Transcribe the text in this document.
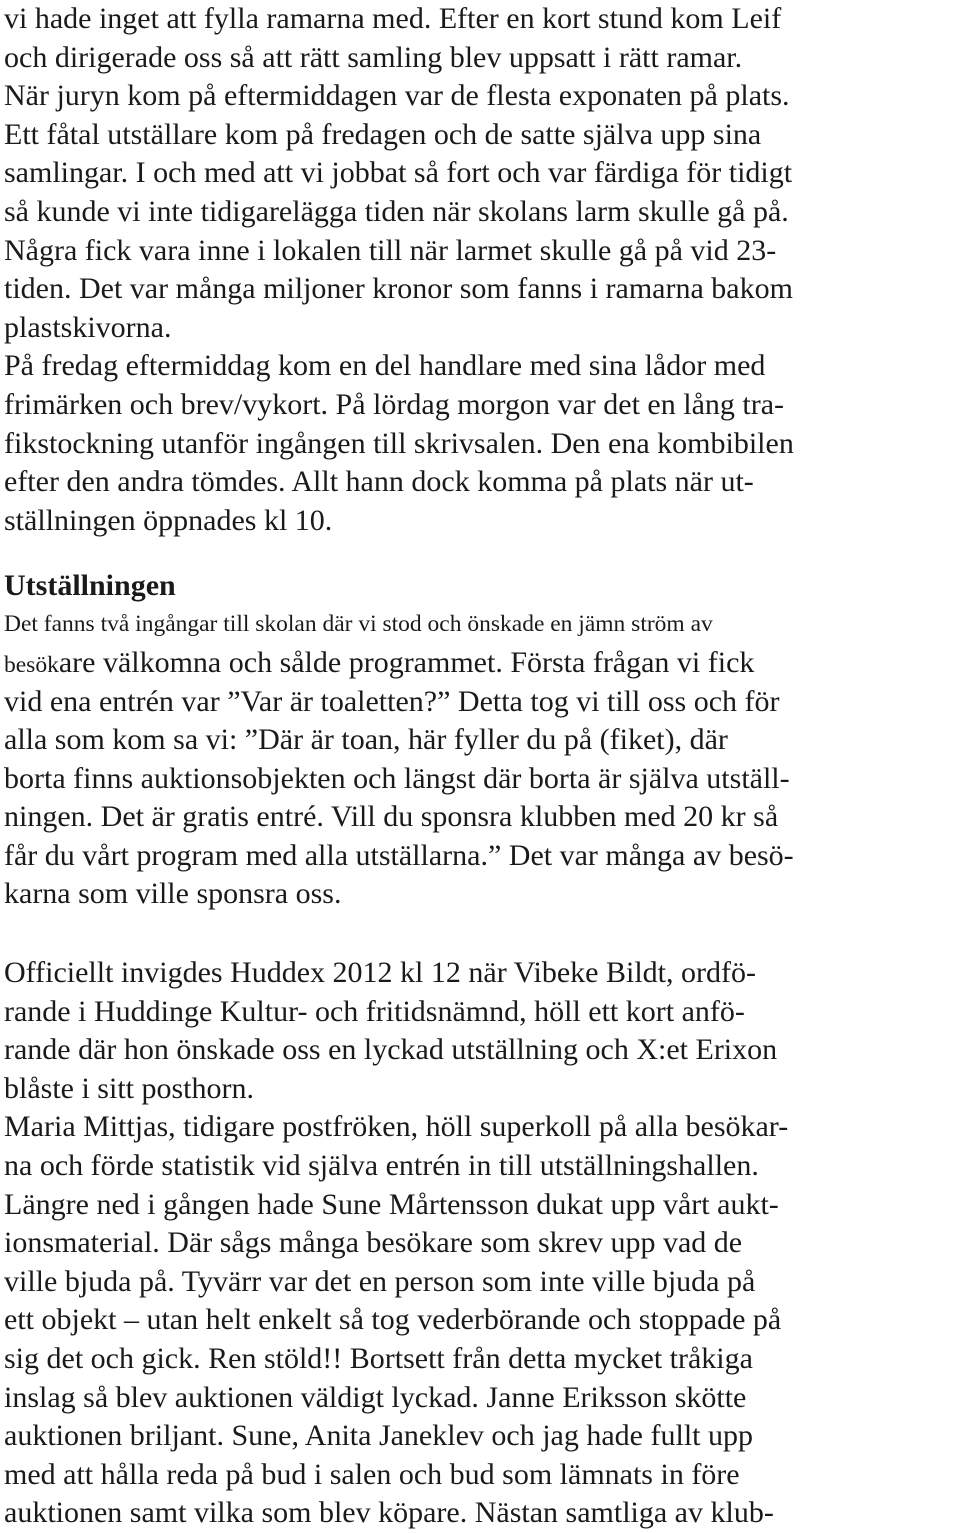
vi hade inget att fylla ramarna med. Efter en kort stund kom Leif
och dirigerade oss så att rätt samling blev uppsatt i rätt ramar.
När juryn kom på eftermiddagen var de flesta exponaten på plats.
Ett fåtal utställare kom på fredagen och de satte själva upp sina
samlingar. I och med att vi jobbat så fort och var färdiga för tidigt
så kunde vi inte tidigarelägga tiden när skolans larm skulle gå på.
Några fick vara inne i lokalen till när larmet skulle gå på vid 23-
tiden. Det var många miljoner kronor som fanns i ramarna bakom
plastskivorna.
På fredag eftermiddag kom en del handlare med sina lådor med
frimärken och brev/vykort. På lördag morgon var det en lång tra-
fikstockning utanför ingången till skrivsalen. Den ena kombibilen
efter den andra tömdes. Allt hann dock komma på plats när ut-
ställningen öppnades kl 10.
Utställningen
Det fanns två ingångar till skolan där vi stod och önskade en jämn ström av
besökare välkomna och sålde programmet. Första frågan vi fick
vid ena entrén var ”Var är toaletten?” Detta tog vi till oss och för
alla som kom sa vi: ”Där är toan, här fyller du på (fiket), där
borta finns auktionsobjekten och längst där borta är själva utställ-
ningen. Det är gratis entré. Vill du sponsra klubben med 20 kr så
får du vårt program med alla utställarna.” Det var många av besö-
karna som ville sponsra oss.
Officiellt invigdes Huddex 2012 kl 12 när Vibeke Bildt, ordfö-
rande i Huddinge Kultur- och fritidsnämnd, höll ett kort anfö-
rande där hon önskade oss en lyckad utställning och X:et Erixon
blåste i sitt posthorn.
Maria Mittjas, tidigare postfröken, höll superkoll på alla besökar-
na och förde statistik vid själva entrén in till utställningshallen.
Längre ned i gången hade Sune Mårtensson dukat upp vårt aukt-
ionsmaterial. Där sågs många besökare som skrev upp vad de
ville bjuda på. Tyvärr var det en person som inte ville bjuda på
ett objekt – utan helt enkelt så tog vederbörande och stoppade på
sig det och gick. Ren stöld!! Bortsett från detta mycket tråkiga
inslag så blev auktionen väldigt lyckad. Janne Eriksson skötte
auktionen briljant. Sune, Anita Janeklev och jag hade fullt upp
med att hålla reda på bud i salen och bud som lämnats in före
auktionen samt vilka som blev köpare. Nästan samtliga av klub-
